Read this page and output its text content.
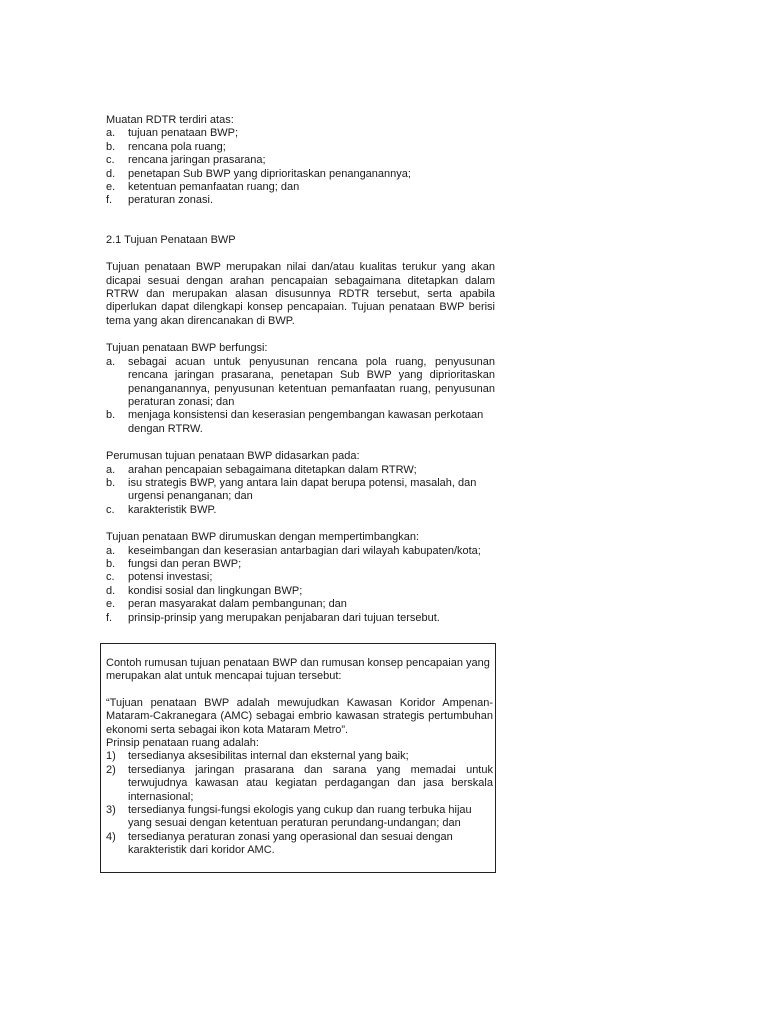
Muatan RDTR terdiri atas:

a.	tujuan penataan BWP;
b.	rencana pola ruang;
c.	rencana jaringan prasarana;
d.	penetapan Sub BWP yang diprioritaskan penanganannya;
e.	ketentuan pemanfaatan ruang; dan
f.	peraturan zonasi.

2.1 Tujuan Penataan BWP

Tujuan penataan BWP merupakan nilai dan/atau kualitas terukur yang akan dicapai sesuai dengan arahan pencapaian sebagaimana ditetapkan dalam RTRW dan merupakan alasan disusunnya RDTR tersebut, serta apabila diperlukan dapat dilengkapi konsep pencapaian. Tujuan penataan BWP berisi tema yang akan direncanakan di BWP.

Tujuan penataan BWP berfungsi:

a.	sebagai acuan untuk penyusunan rencana pola ruang, penyusunan rencana jaringan prasarana, penetapan Sub BWP yang diprioritaskan penanganannya, penyusunan ketentuan pemanfaatan ruang, penyusunan peraturan zonasi; dan
b.	menjaga konsistensi dan keserasian pengembangan kawasan perkotaan dengan RTRW.

Perumusan tujuan penataan BWP didasarkan pada:

a.	arahan pencapaian sebagaimana ditetapkan dalam RTRW;
b.	isu strategis BWP, yang antara lain dapat berupa potensi, masalah, dan urgensi penanganan; dan
c.	karakteristik BWP.

Tujuan penataan BWP dirumuskan dengan mempertimbangkan:

a.	keseimbangan dan keserasian antarbagian dari wilayah kabupaten/kota;
b.	fungsi dan peran BWP;
c.	potensi investasi;
d.	kondisi sosial dan lingkungan BWP;
e.	peran masyarakat dalam pembangunan; dan
f.	prinsip-prinsip yang merupakan penjabaran dari tujuan tersebut.

Contoh rumusan tujuan penataan BWP dan rumusan konsep pencapaian yang merupakan alat untuk mencapai tujuan tersebut:

“Tujuan penataan BWP adalah mewujudkan Kawasan Koridor Ampenan-Mataram-Cakranegara (AMC) sebagai embrio kawasan strategis pertumbuhan ekonomi serta sebagai ikon kota Mataram Metro”.

Prinsip penataan ruang adalah:

1)	tersedianya aksesibilitas internal dan eksternal yang baik;
2)	tersedianya jaringan prasarana dan sarana yang memadai untuk terwujudnya kawasan atau kegiatan perdagangan dan jasa berskala internasional;
3)	tersedianya fungsi-fungsi ekologis yang cukup dan ruang terbuka hijau yang sesuai dengan ketentuan peraturan perundang-undangan; dan
4)	tersedianya peraturan zonasi yang operasional dan sesuai dengan karakteristik dari koridor AMC.
